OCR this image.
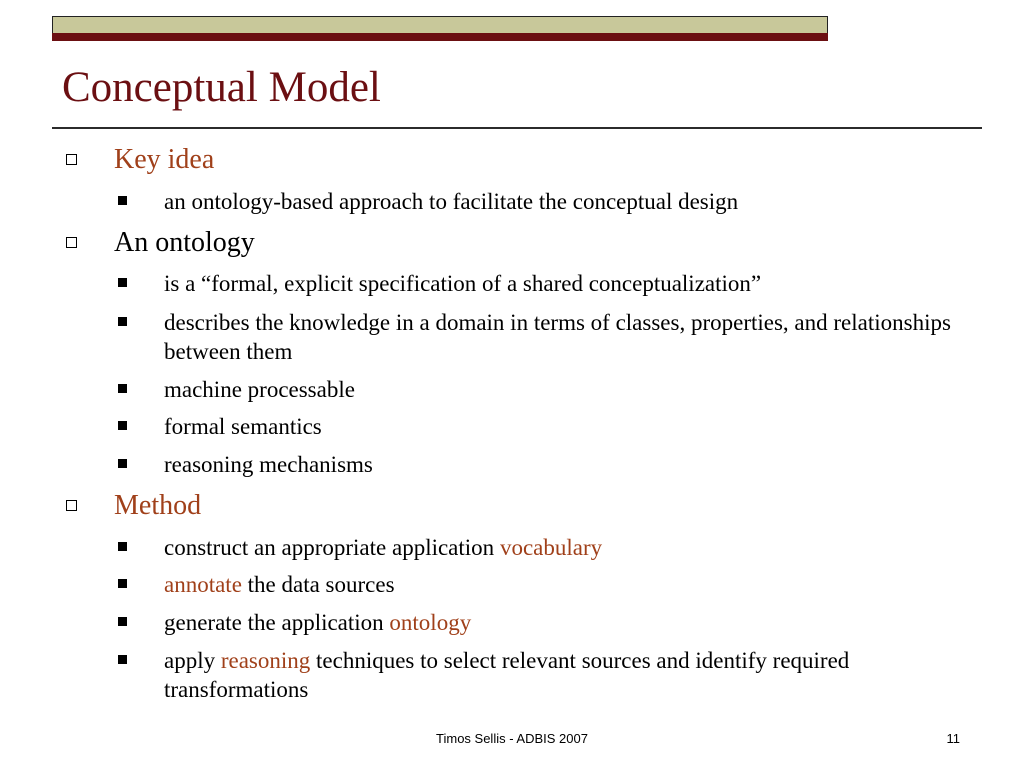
Conceptual Model
Key idea
an ontology-based approach to facilitate the conceptual design
An ontology
is a “formal, explicit specification of a shared conceptualization”
describes the knowledge in a domain in terms of classes, properties, and relationships between them
machine processable
formal semantics
reasoning mechanisms
Method
construct an appropriate application vocabulary
annotate the data sources
generate the application ontology
apply reasoning techniques to select relevant sources and identify required transformations
Timos Sellis - ADBIS 2007	11
